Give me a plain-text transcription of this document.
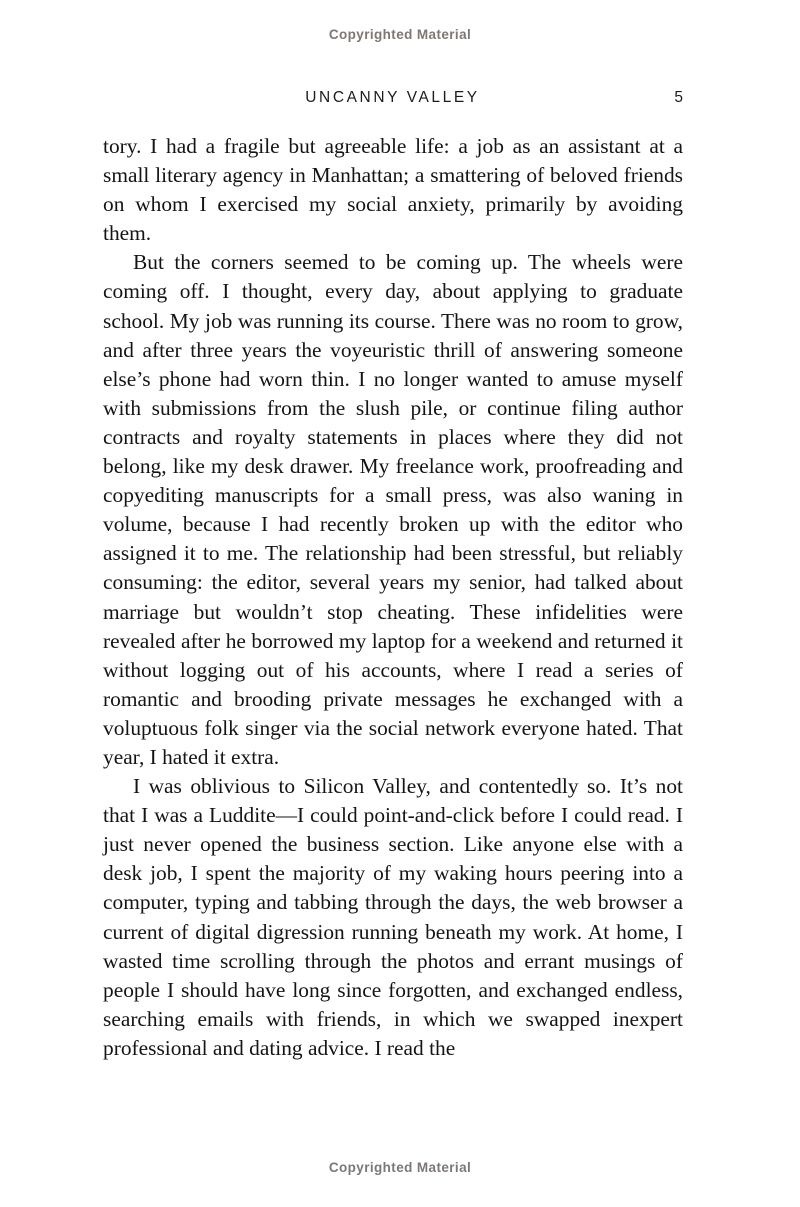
Copyrighted Material
UNCANNY VALLEY	5

tory. I had a fragile but agreeable life: a job as an assistant at a small literary agency in Manhattan; a smattering of beloved friends on whom I exercised my social anxiety, primarily by avoiding them.

But the corners seemed to be coming up. The wheels were coming off. I thought, every day, about applying to graduate school. My job was running its course. There was no room to grow, and after three years the voyeuristic thrill of answering someone else’s phone had worn thin. I no longer wanted to amuse myself with submissions from the slush pile, or continue filing author contracts and royalty statements in places where they did not belong, like my desk drawer. My freelance work, proofreading and copyediting manuscripts for a small press, was also waning in volume, because I had recently broken up with the editor who assigned it to me. The relationship had been stressful, but reliably consuming: the editor, several years my senior, had talked about marriage but wouldn’t stop cheating. These infidelities were revealed after he borrowed my laptop for a weekend and returned it without logging out of his accounts, where I read a series of romantic and brooding private messages he exchanged with a voluptuous folk singer via the social network everyone hated. That year, I hated it extra.

I was oblivious to Silicon Valley, and contentedly so. It’s not that I was a Luddite—I could point-and-click before I could read. I just never opened the business section. Like anyone else with a desk job, I spent the majority of my waking hours peering into a computer, typing and tabbing through the days, the web browser a current of digital digression running beneath my work. At home, I wasted time scrolling through the photos and errant musings of people I should have long since forgotten, and exchanged endless, searching emails with friends, in which we swapped inexpert professional and dating advice. I read the

Copyrighted Material
